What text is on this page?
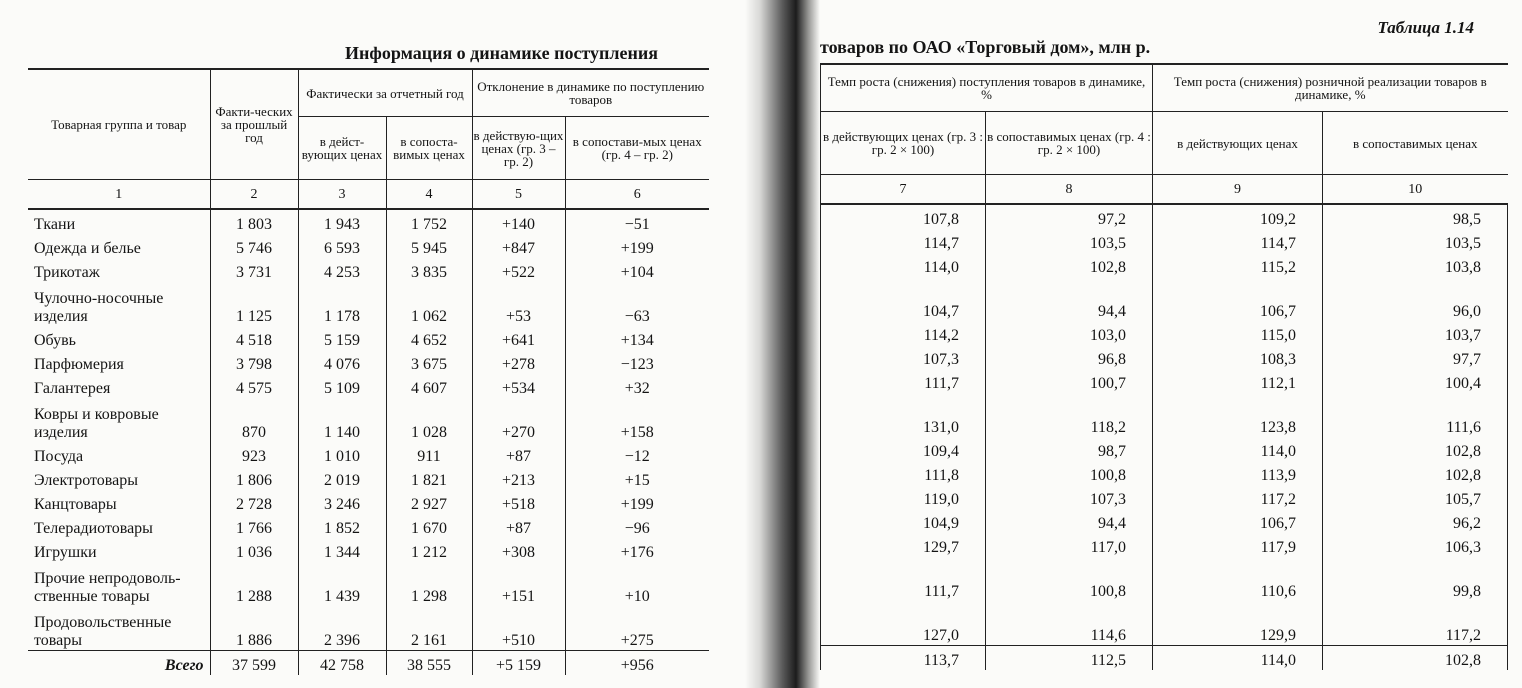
Информация о динамике поступления
Товарная группа и товар	Факти-ческих за прошлый год	Фактически за отчетный год		Отклонение в динамике по поступлению товаров	
		в дейст-вующих ценах	в сопоста-вимых ценах	в действую-щих ценах (гр. 3 – гр. 2)	в сопостави-мых ценах (гр. 4 – гр. 2)
1	2	3	4	5	6
Ткани	1 803	1 943	1 752	+140	−51
Одежда и белье	5 746	6 593	5 945	+847	+199
Трикотаж	3 731	4 253	3 835	+522	+104
Чулочно-носочные изделия	1 125	1 178	1 062	+53	−63
Обувь	4 518	5 159	4 652	+641	+134
Парфюмерия	3 798	4 076	3 675	+278	−123
Галантерея	4 575	5 109	4 607	+534	+32
Ковры и ковровые изделия	870	1 140	1 028	+270	+158
Посуда	923	1 010	911	+87	−12
Электротовары	1 806	2 019	1 821	+213	+15
Канцтовары	2 728	3 246	2 927	+518	+199
Телерадиотовары	1 766	1 852	1 670	+87	−96
Игрушки	1 036	1 344	1 212	+308	+176
Прочие непродоволь-ственные товары	1 288	1 439	1 298	+151	+10
Продовольственные товары	1 886	2 396	2 161	+510	+275
Всего	37 599	42 758	38 555	+5 159	+956
Таблица 1.14
товаров по ОАО «Торговый дом», млн р.
Темп роста (снижения) поступления товаров в динамике, %		Темп роста (снижения) розничной реализации товаров в динамике, %	
в действующих ценах (гр. 3 : гр. 2 × 100)	в сопоставимых ценах (гр. 4 : гр. 2 × 100)	в действующих ценах	в сопоставимых ценах
7	8	9	10
107,8	97,2	109,2	98,5
114,7	103,5	114,7	103,5
114,0	102,8	115,2	103,8
104,7	94,4	106,7	96,0
114,2	103,0	115,0	103,7
107,3	96,8	108,3	97,7
111,7	100,7	112,1	100,4
131,0	118,2	123,8	111,6
109,4	98,7	114,0	102,8
111,8	100,8	113,9	102,8
119,0	107,3	117,2	105,7
104,9	94,4	106,7	96,2
129,7	117,0	117,9	106,3
111,7	100,8	110,6	99,8
127,0	114,6	129,9	117,2
113,7	112,5	114,0	102,8
